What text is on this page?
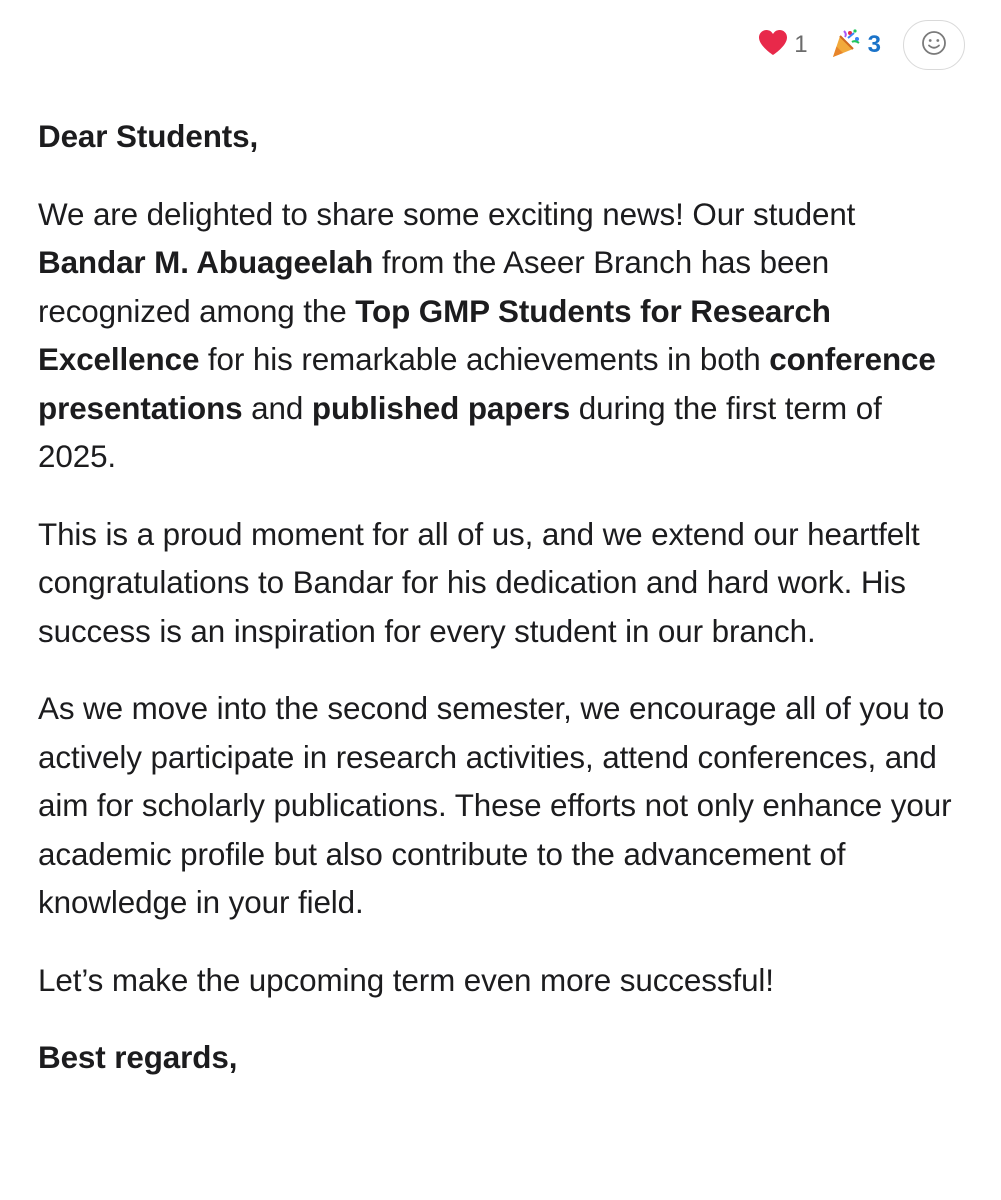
1	3

Dear Students,

We are delighted to share some exciting news! Our student Bandar M. Abuageelah from the Aseer Branch has been recognized among the Top GMP Students for Research Excellence for his remarkable achievements in both conference presentations and published papers during the first term of 2025.

This is a proud moment for all of us, and we extend our heartfelt congratulations to Bandar for his dedication and hard work. His success is an inspiration for every student in our branch.

As we move into the second semester, we encourage all of you to actively participate in research activities, attend conferences, and aim for scholarly publications. These efforts not only enhance your academic profile but also contribute to the advancement of knowledge in your field.

Let’s make the upcoming term even more successful!

Best regards,
